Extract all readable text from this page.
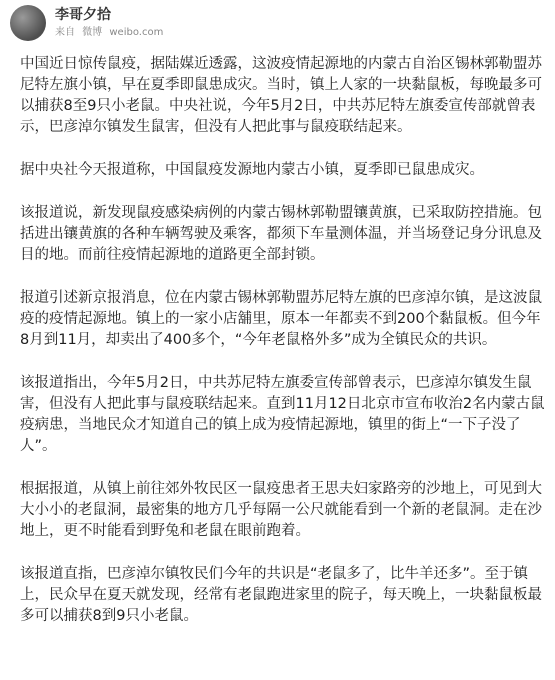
李哥夕拾
来自 微博 weibo.com

中国近日惊传鼠疫，据陆媒近透露，这波疫情起源地的内蒙古自治区锡林郭勒盟苏尼特左旗小镇，早在夏季即鼠患成灾。当时，镇上人家的一块黏鼠板，每晚最多可以捕获8至9只小老鼠。中央社说，今年5月2日，中共苏尼特左旗委宣传部就曾表示，巴彦淖尔镇发生鼠害，但没有人把此事与鼠疫联结起来。

据中央社今天报道称，中国鼠疫发源地内蒙古小镇，夏季即已鼠患成灾。

该报道说，新发现鼠疫感染病例的内蒙古锡林郭勒盟镶黄旗，已采取防控措施。包括进出镶黄旗的各种车辆驾驶及乘客，都须下车量测体温，并当场登记身分讯息及目的地。而前往疫情起源地的道路更全部封锁。

报道引述新京报消息，位在内蒙古锡林郭勒盟苏尼特左旗的巴彦淖尔镇，是这波鼠疫的疫情起源地。镇上的一家小店舖里，原本一年都卖不到200个黏鼠板。但今年8月到11月，却卖出了400多个，“今年老鼠格外多”成为全镇民众的共识。

该报道指出，今年5月2日，中共苏尼特左旗委宣传部曾表示，巴彦淖尔镇发生鼠害，但没有人把此事与鼠疫联结起来。直到11月12日北京市宣布收治2名内蒙古鼠疫病患，当地民众才知道自己的镇上成为疫情起源地，镇里的街上“一下子没了人”。

根据报道，从镇上前往郊外牧民区一鼠疫患者王思夫妇家路旁的沙地上，可见到大大小小的老鼠洞，最密集的地方几乎每隔一公尺就能看到一个新的老鼠洞。走在沙地上，更不时能看到野兔和老鼠在眼前跑着。

该报道直指，巴彦淖尔镇牧民们今年的共识是“老鼠多了，比牛羊还多”。至于镇上，民众早在夏天就发现，经常有老鼠跑进家里的院子，每天晚上，一块黏鼠板最多可以捕获8到9只小老鼠。
